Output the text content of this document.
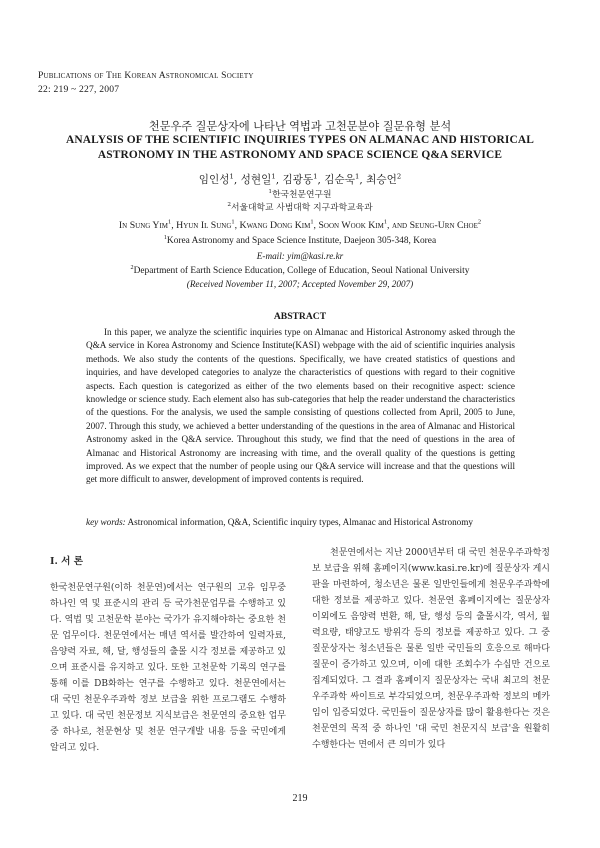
Publications of The Korean Astronomical Society
22: 219 ~ 227, 2007
천문우주 질문상자에 나타난 역법과 고천문분야 질문유형 분석
ANALYSIS OF THE SCIENTIFIC INQUIRIES TYPES ON ALMANAC AND HISTORICAL
ASTRONOMY IN THE ASTRONOMY AND SPACE SCIENCE Q&A SERVICE
임인성$^1$, 성현일$^1$, 김광동$^1$, 김순욱$^1$, 최승언$^2$
$^1$한국천문연구원
$^2$서울대학교 사범대학 지구과학교육과
In Sung Yim$^1$, Hyun Il Sung$^1$, Kwang Dong Kim$^1$, Soon Wook Kim$^1$, and Seung-Urn Choe$^2$
$^1$Korea Astronomy and Space Science Institute, Daejeon 305-348, Korea
E-mail: yim@kasi.re.kr
$^2$Department of Earth Science Education, College of Education, Seoul National University
(Received November 11, 2007; Accepted November 29, 2007)
ABSTRACT
In this paper, we analyze the scientific inquiries type on Almanac and Historical Astronomy asked through the Q&A service in Korea Astronomy and Science Institute(KASI) webpage with the aid of scientific inquiries analysis methods. We also study the contents of the questions. Specifically, we have created statistics of questions and inquiries, and have developed categories to analyze the characteristics of questions with regard to their cognitive aspects. Each question is categorized as either of the two elements based on their recognitive aspect: science knowledge or science study. Each element also has sub-categories that help the reader understand the characteristics of the questions. For the analysis, we used the sample consisting of questions collected from April, 2005 to June, 2007. Through this study, we achieved a better understanding of the questions in the area of Almanac and Historical Astronomy asked in the Q&A service. Throughout this study, we find that the need of questions in the area of Almanac and Historical Astronomy are increasing with time, and the overall quality of the questions is getting improved. As we expect that the number of people using our Q&A service will increase and that the questions will get more difficult to answer, development of improved contents is required.
key words: Astronomical information, Q&A, Scientific inquiry types, Almanac and Historical Astronomy
I. 서 론
한국천문연구원(이하 천문연)에서는 연구원의 고유 임무중 하나인 역 및 표준시의 관리 등 국가천문업무를 수행하고 있다. 역법 및 고천문학 분야는 국가가 유지해야하는 중요한 천문 업무이다. 천문연에서는 매년 역서를 발간하여 일력자료, 음양력 자료, 해, 달, 행성들의 출몰 시각 정보를 제공하고 있으며 표준시를 유지하고 있다. 또한 고천문학 기록의 연구를 통해 이를 DB화하는 연구를 수행하고 있다. 천문연에서는 대 국민 천문우주과학 정보 보급을 위한 프로그램도 수행하고 있다. 대 국민 천문정보 지식보급은 천문연의 중요한 업무 중 하나로, 천문현상 및 천문 연구개발 내용 등을 국민에게 알리고 있다.
천문연에서는 지난 2000년부터 대 국민 천문우주과학정보 보급을 위해 홈페이지(www.kasi.re.kr)에 질문상자 게시판을 마련하여, 청소년은 물론 일반인들에게 천문우주과학에 대한 정보를 제공하고 있다. 천문연 홈페이지에는 질문상자 이외에도 음양력 변환, 해, 달, 행성 등의 출몰시각, 역서, 월력요량, 태양고도 방위각 등의 정보를 제공하고 있다. 그 중 질문상자는 청소년들은 물론 일반 국민들의 호응으로 해마다 질문이 증가하고 있으며, 이에 대한 조회수가 수십만 건으로 집계되었다. 그 결과 홈페이지 질문상자는 국내 최고의 천문우주과학 싸이트로 부각되었으며, 천문우주과학 정보의 메카임이 입증되었다. 국민들이 질문상자를 많이 활용한다는 것은 천문연의 목적 중 하나인 '대 국민 천문지식 보급'을 원활히 수행한다는 면에서 큰 의미가 있다
219
